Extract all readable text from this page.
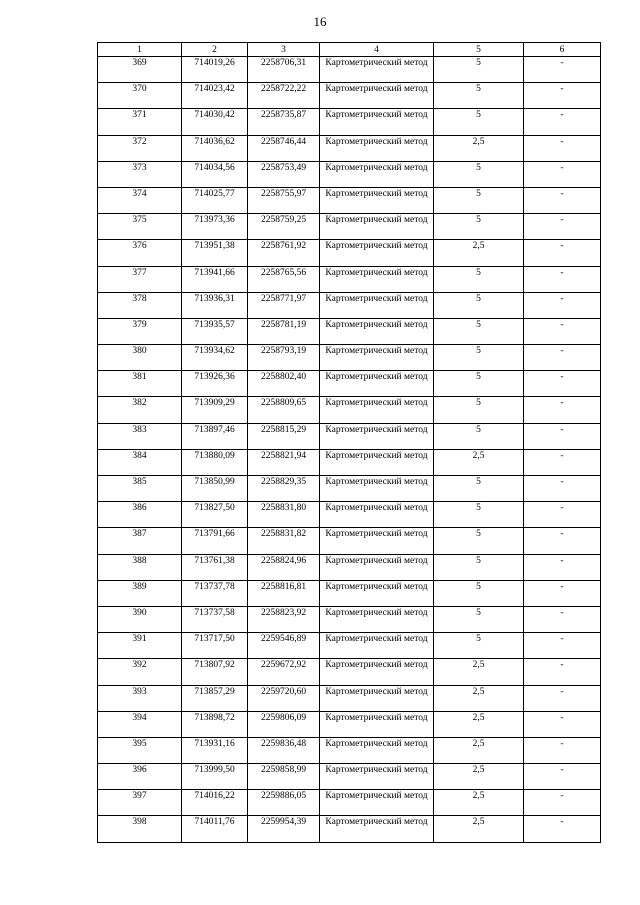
16
1	2	3	4	5	6
369	714019,26	2258706,31	Картометрический метод	5	-
370	714023,42	2258722,22	Картометрический метод	5	-
371	714030,42	2258735,87	Картометрический метод	5	-
372	714036,62	2258746,44	Картометрический метод	2,5	-
373	714034,56	2258753,49	Картометрический метод	5	-
374	714025,77	2258755,97	Картометрический метод	5	-
375	713973,36	2258759,25	Картометрический метод	5	-
376	713951,38	2258761,92	Картометрический метод	2,5	-
377	713941,66	2258765,56	Картометрический метод	5	-
378	713936,31	2258771,97	Картометрический метод	5	-
379	713935,57	2258781,19	Картометрический метод	5	-
380	713934,62	2258793,19	Картометрический метод	5	-
381	713926,36	2258802,40	Картометрический метод	5	-
382	713909,29	2258809,65	Картометрический метод	5	-
383	713897,46	2258815,29	Картометрический метод	5	-
384	713880,09	2258821,94	Картометрический метод	2,5	-
385	713850,99	2258829,35	Картометрический метод	5	-
386	713827,50	2258831,80	Картометрический метод	5	-
387	713791,66	2258831,82	Картометрический метод	5	-
388	713761,38	2258824,96	Картометрический метод	5	-
389	713737,78	2258816,81	Картометрический метод	5	-
390	713737,58	2258823,92	Картометрический метод	5	-
391	713717,50	2259546,89	Картометрический метод	5	-
392	713807,92	2259672,92	Картометрический метод	2,5	-
393	713857,29	2259720,60	Картометрический метод	2,5	-
394	713898,72	2259806,09	Картометрический метод	2,5	-
395	713931,16	2259836,48	Картометрический метод	2,5	-
396	713999,50	2259858,99	Картометрический метод	2,5	-
397	714016,22	2259886,05	Картометрический метод	2,5	-
398	714011,76	2259954,39	Картометрический метод	2,5	-
